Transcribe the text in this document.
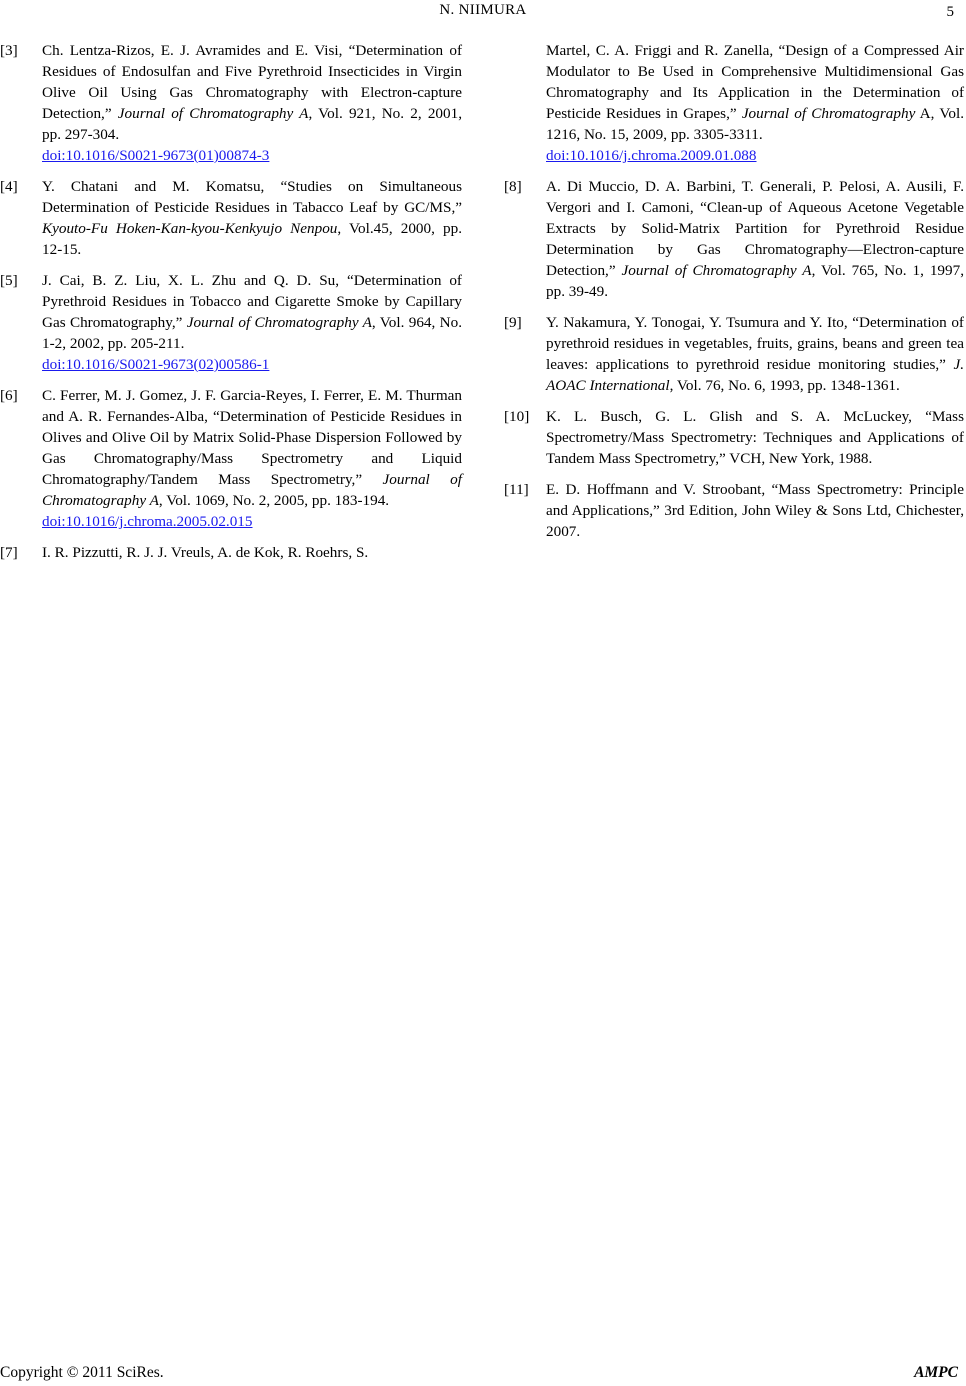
N. NIIMURA	5
[3] Ch. Lentza-Rizos, E. J. Avramides and E. Visi, “Determination of Residues of Endosulfan and Five Pyrethroid Insecticides in Virgin Olive Oil Using Gas Chromatography with Electron-capture Detection,” Journal of Chromatography A, Vol. 921, No. 2, 2001, pp. 297-304.
doi:10.1016/S0021-9673(01)00874-3
[4] Y. Chatani and M. Komatsu, “Studies on Simultaneous Determination of Pesticide Residues in Tabacco Leaf by GC/MS,” Kyouto-Fu Hoken-Kan-kyou-Kenkyujo Nenpou, Vol.45, 2000, pp. 12-15.
[5] J. Cai, B. Z. Liu, X. L. Zhu and Q. D. Su, “Determination of Pyrethroid Residues in Tobacco and Cigarette Smoke by Capillary Gas Chromatography,” Journal of Chromatography A, Vol. 964, No. 1-2, 2002, pp. 205-211.
doi:10.1016/S0021-9673(02)00586-1
[6] C. Ferrer, M. J. Gomez, J. F. Garcia-Reyes, I. Ferrer, E. M. Thurman and A. R. Fernandes-Alba, “Determination of Pesticide Residues in Olives and Olive Oil by Matrix Solid-Phase Dispersion Followed by Gas Chromatography/Mass Spectrometry and Liquid Chromatography/Tandem Mass Spectrometry,” Journal of Chromatography A, Vol. 1069, No. 2, 2005, pp. 183-194.
doi:10.1016/j.chroma.2005.02.015
[7] I. R. Pizzutti, R. J. J. Vreuls, A. de Kok, R. Roehrs, S.
Martel, C. A. Friggi and R. Zanella, “Design of a Compressed Air Modulator to Be Used in Comprehensive Multidimensional Gas Chromatography and Its Application in the Determination of Pesticide Residues in Grapes,” Journal of Chromatography A, Vol. 1216, No. 15, 2009, pp. 3305-3311.
doi:10.1016/j.chroma.2009.01.088
[8] A. Di Muccio, D. A. Barbini, T. Generali, P. Pelosi, A. Ausili, F. Vergori and I. Camoni, “Clean-up of Aqueous Acetone Vegetable Extracts by Solid-Matrix Partition for Pyrethroid Residue Determination by Gas Chromatography—Electron-capture Detection,” Journal of Chromatography A, Vol. 765, No. 1, 1997, pp. 39-49.
[9] Y. Nakamura, Y. Tonogai, Y. Tsumura and Y. Ito, “Determination of pyrethroid residues in vegetables, fruits, grains, beans and green tea leaves: applications to pyrethroid residue monitoring studies,” J. AOAC International, Vol. 76, No. 6, 1993, pp. 1348-1361.
[10] K. L. Busch, G. L. Glish and S. A. McLuckey, “Mass Spectrometry/Mass Spectrometry: Techniques and Applications of Tandem Mass Spectrometry,” VCH, New York, 1988.
[11] E. D. Hoffmann and V. Stroobant, “Mass Spectrometry: Principle and Applications,” 3rd Edition, John Wiley & Sons Ltd, Chichester, 2007.
Copyright © 2011 SciRes.	AMPC
